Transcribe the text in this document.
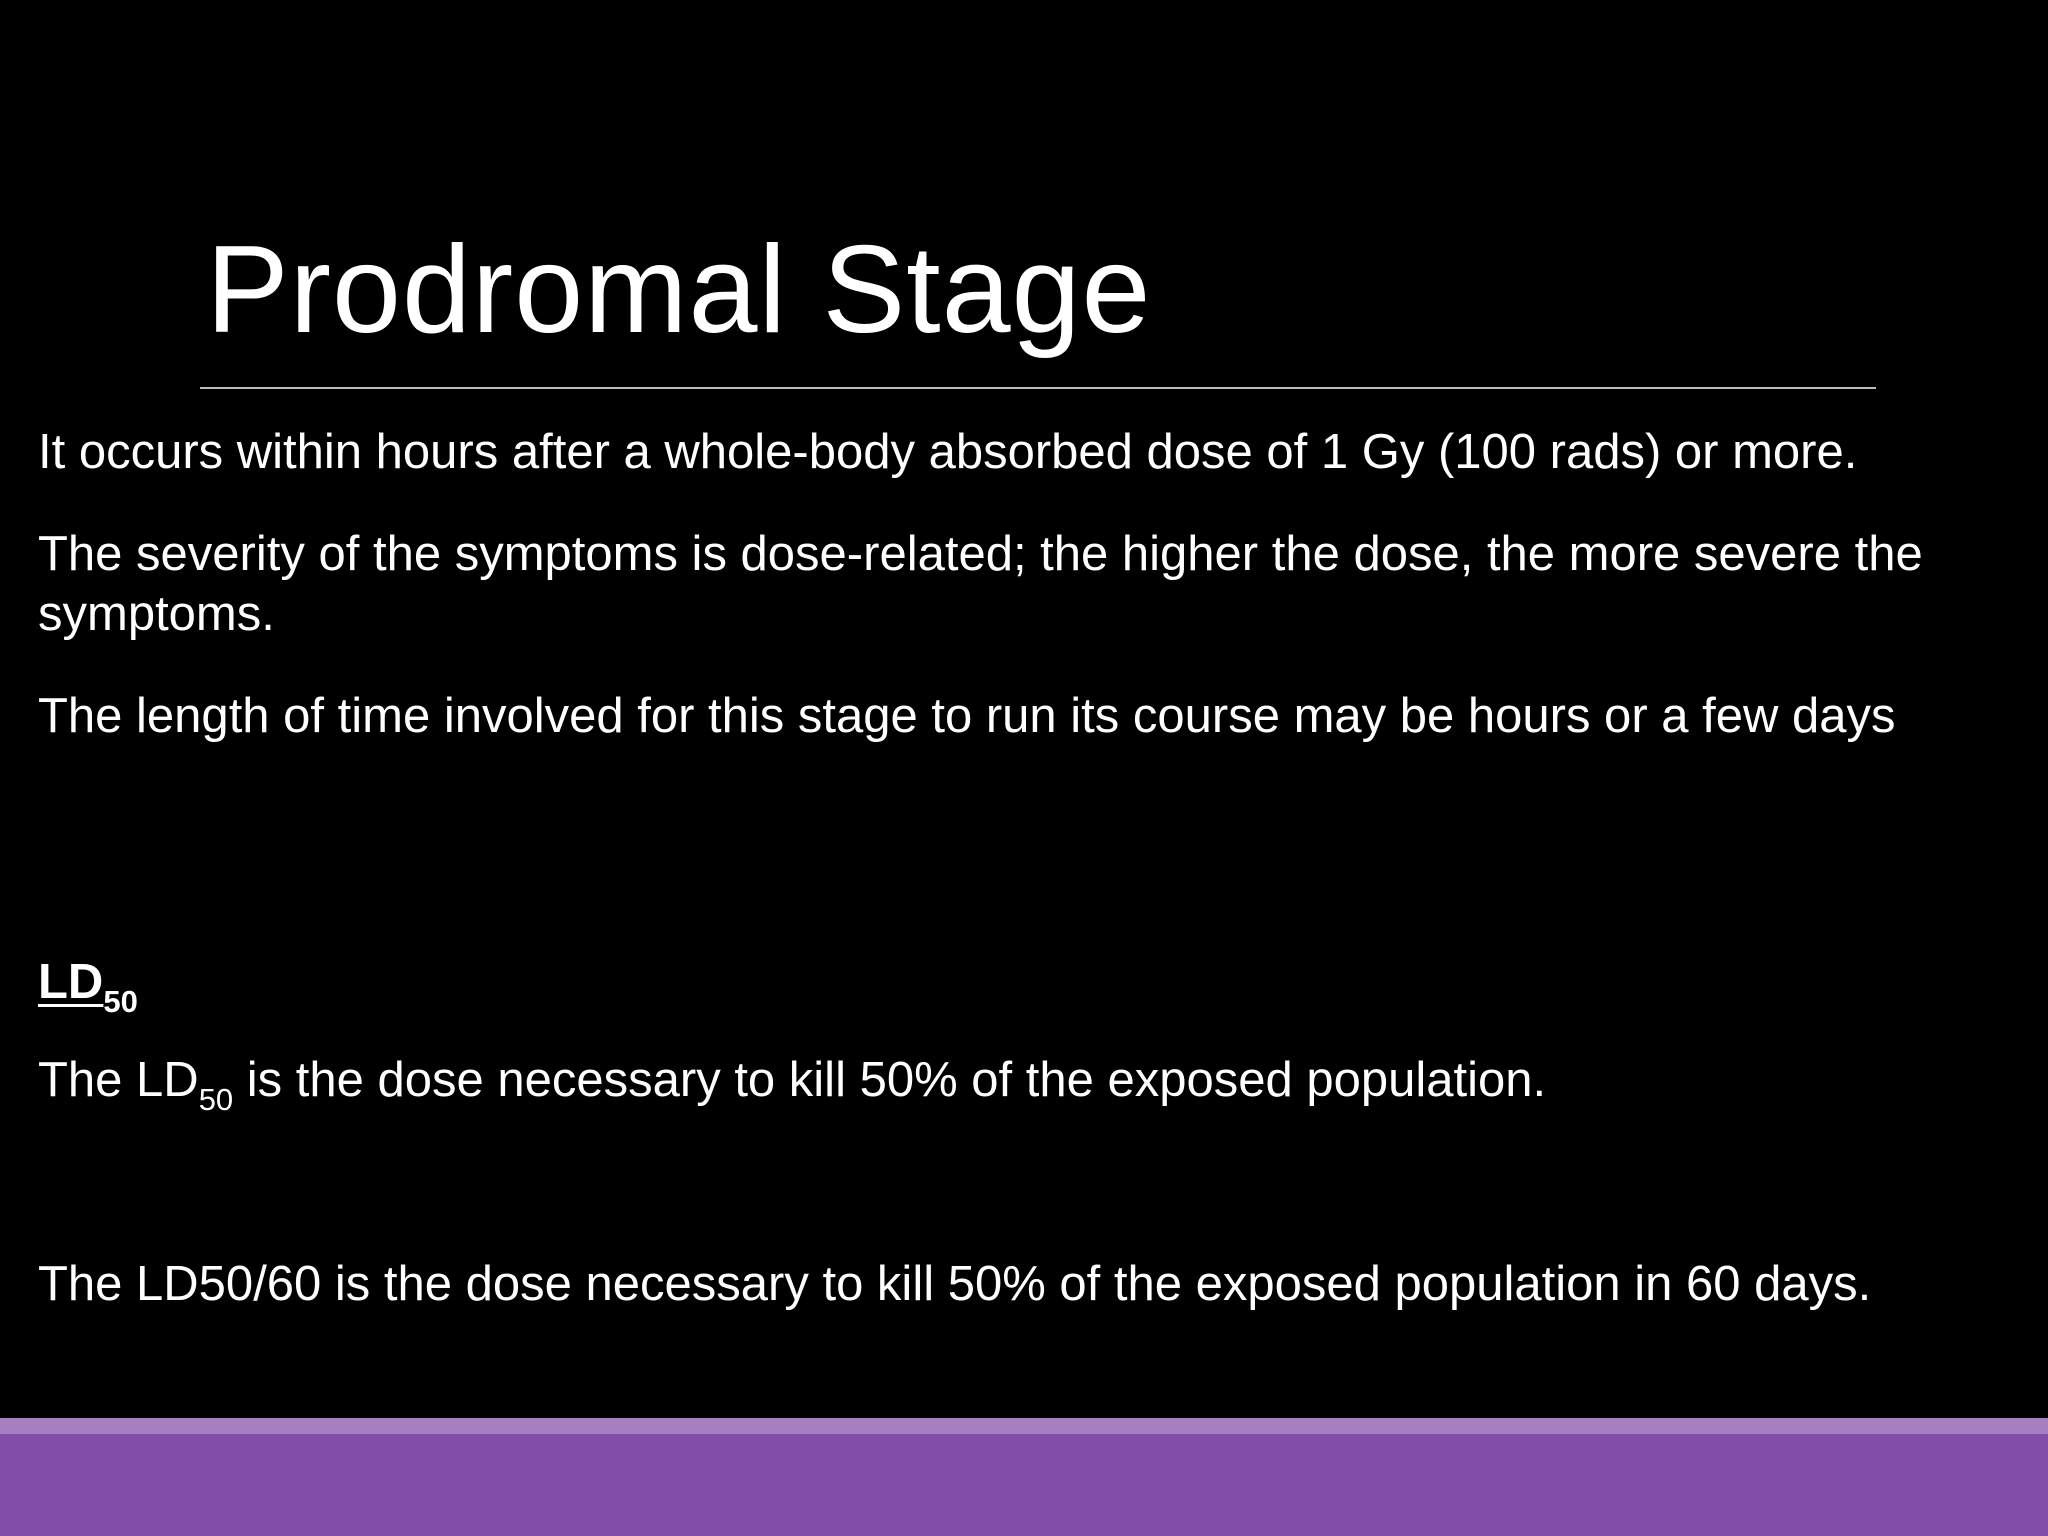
Prodromal Stage

It occurs within hours after a whole-body absorbed dose of 1 Gy (100 rads) or more.

The severity of the symptoms is dose-related; the higher the dose, the more severe the symptoms.

The length of time involved for this stage to run its course may be hours or a few days

$LD_{50}$

The $LD_{50}$ is the dose necessary to kill 50% of the exposed population.

The LD50/60 is the dose necessary to kill 50% of the exposed population in 60 days.
